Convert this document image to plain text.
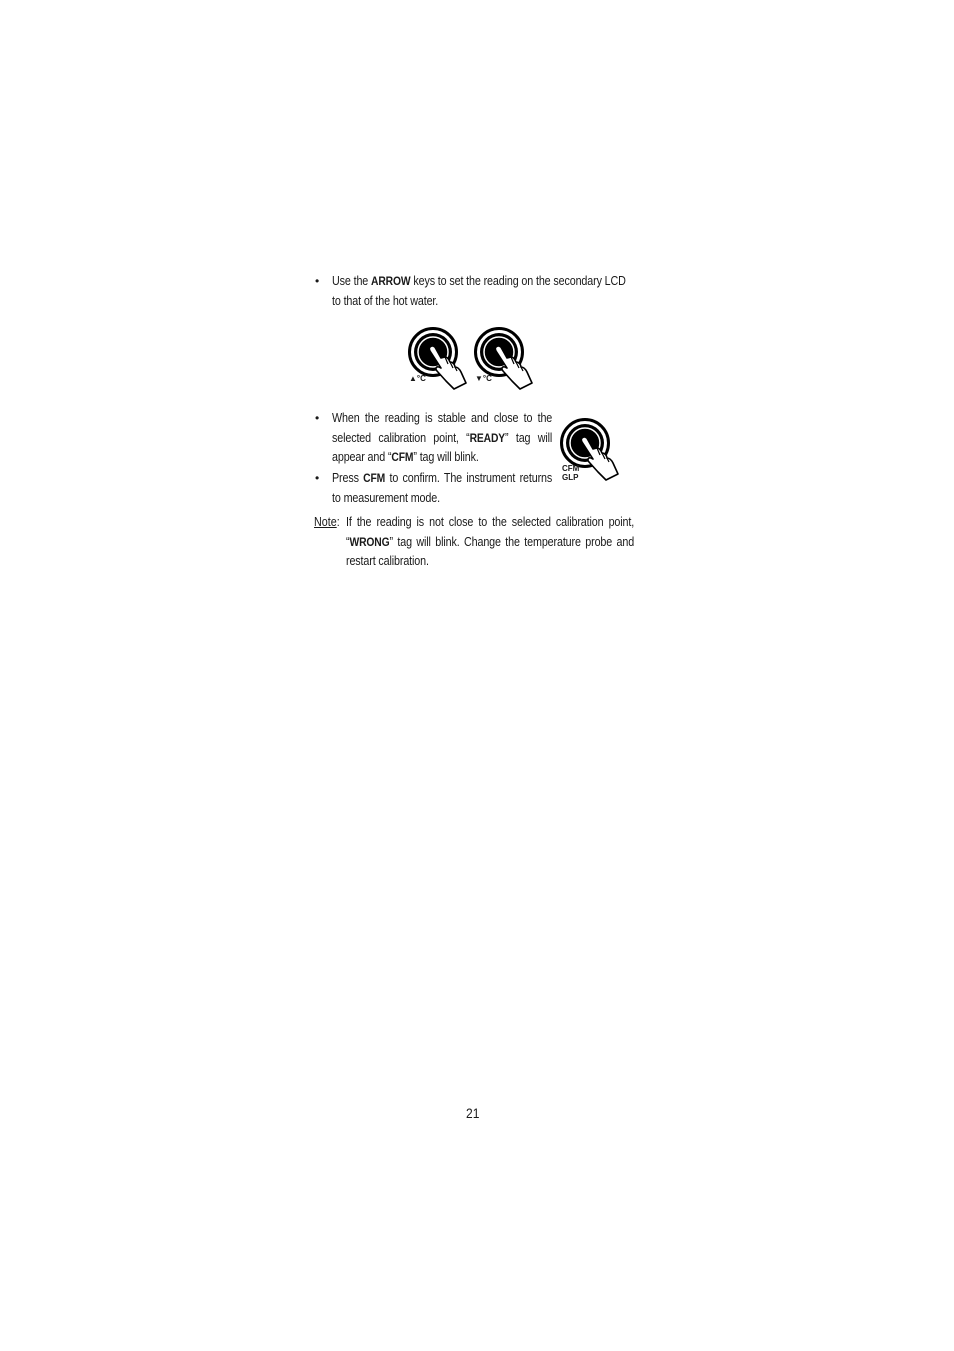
• Use the ARROW keys to set the reading on the secondary LCD to that of the hot water.
▲°C	▼°C
• When the reading is stable and close to the selected calibration point, “READY” tag will appear and “CFM” tag will blink.
CFM
GLP
• Press CFM to confirm. The instrument returns to measurement mode.
Note: If the reading is not close to the selected calibration point, “WRONG” tag will blink. Change the temperature probe and restart calibration.
21
